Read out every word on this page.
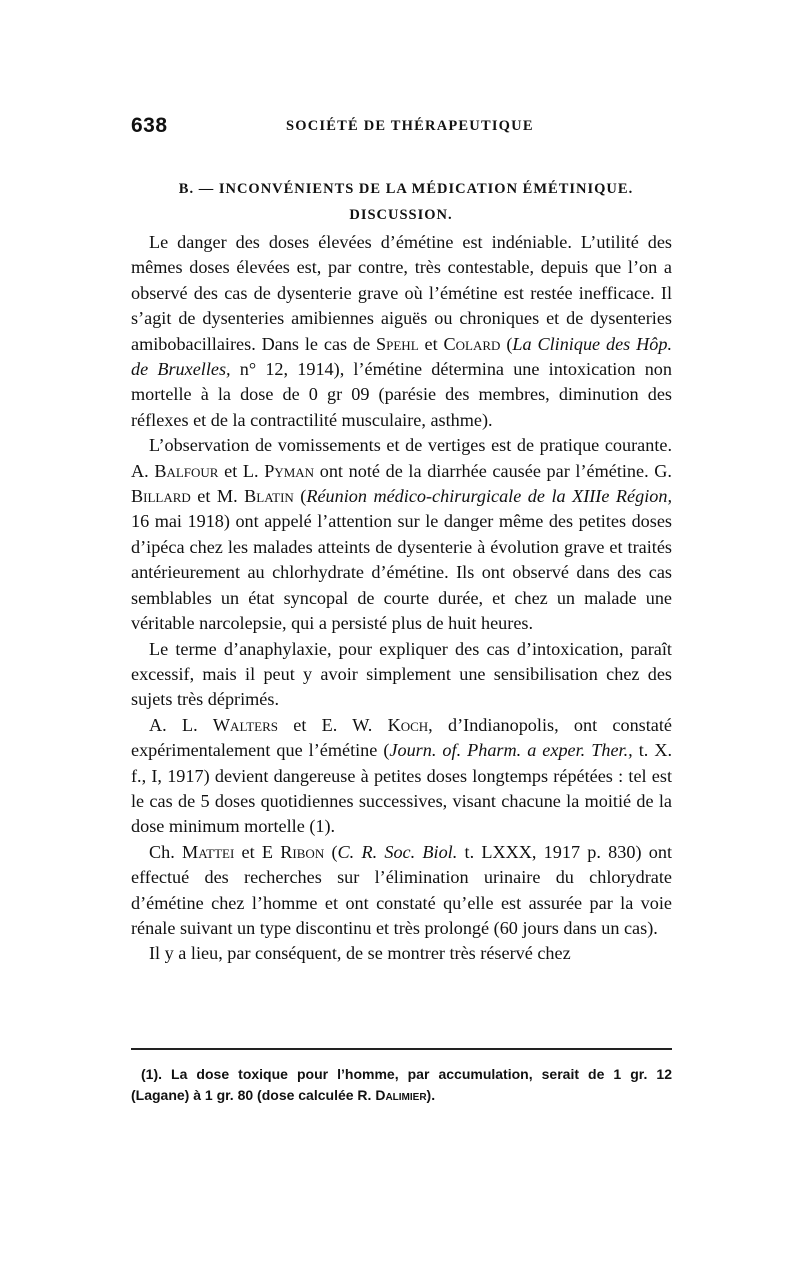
638	SOCIÉTÉ DE THÉRAPEUTIQUE
B. — INCONVÉNIENTS DE LA MÉDICATION ÉMÉTINIQUE.
DISCUSSION.

Le danger des doses élevées d’émétine est indéniable. L’utilité des mêmes doses élevées est, par contre, très contestable, depuis que l’on a observé des cas de dysenterie grave où l’émétine est restée inefficace. Il s’agit de dysenteries amibiennes aiguës ou chroniques et de dysenteries amibobacillaires. Dans le cas de Spehl et Colard (La Clinique des Hôp. de Bruxelles, n° 12, 1914), l’émétine détermina une intoxication non mortelle à la dose de 0 gr 09 (parésie des membres, diminution des réflexes et de la contractilité musculaire, asthme).

L’observation de vomissements et de vertiges est de pratique courante. A. Balfour et L. Pyman ont noté de la diarrhée causée par l’émétine. G. Billard et M. Blatin (Réunion médico-chirurgicale de la XIIIe Région, 16 mai 1918) ont appelé l’attention sur le danger même des petites doses d’ipéca chez les malades atteints de dysenterie à évolution grave et traités antérieurement au chlorhydrate d’émétine. Ils ont observé dans des cas semblables un état syncopal de courte durée, et chez un malade une véritable narcolepsie, qui a persisté plus de huit heures.

Le terme d’anaphylaxie, pour expliquer des cas d’intoxication, paraît excessif, mais il peut y avoir simplement une sensibilisation chez des sujets très déprimés.

A. L. Walters et E. W. Koch, d’Indianopolis, ont constaté expérimentalement que l’émétine (Journ. of. Pharm. a exper. Ther., t. X. f., I, 1917) devient dangereuse à petites doses longtemps répétées : tel est le cas de 5 doses quotidiennes successives, visant chacune la moitié de la dose minimum mortelle (1).

Ch. Mattei et E Ribon (C. R. Soc. Biol. t. LXXX, 1917 p. 830) ont effectué des recherches sur l’élimination urinaire du chlorydrate d’émétine chez l’homme et ont constaté qu’elle est assurée par la voie rénale suivant un type discontinu et très prolongé (60 jours dans un cas).

Il y a lieu, par conséquent, de se montrer très réservé chez

(1). La dose toxique pour l’homme, par accumulation, serait de 1 gr. 12 (Lagane) à 1 gr. 80 (dose calculée R. Dalimier).
